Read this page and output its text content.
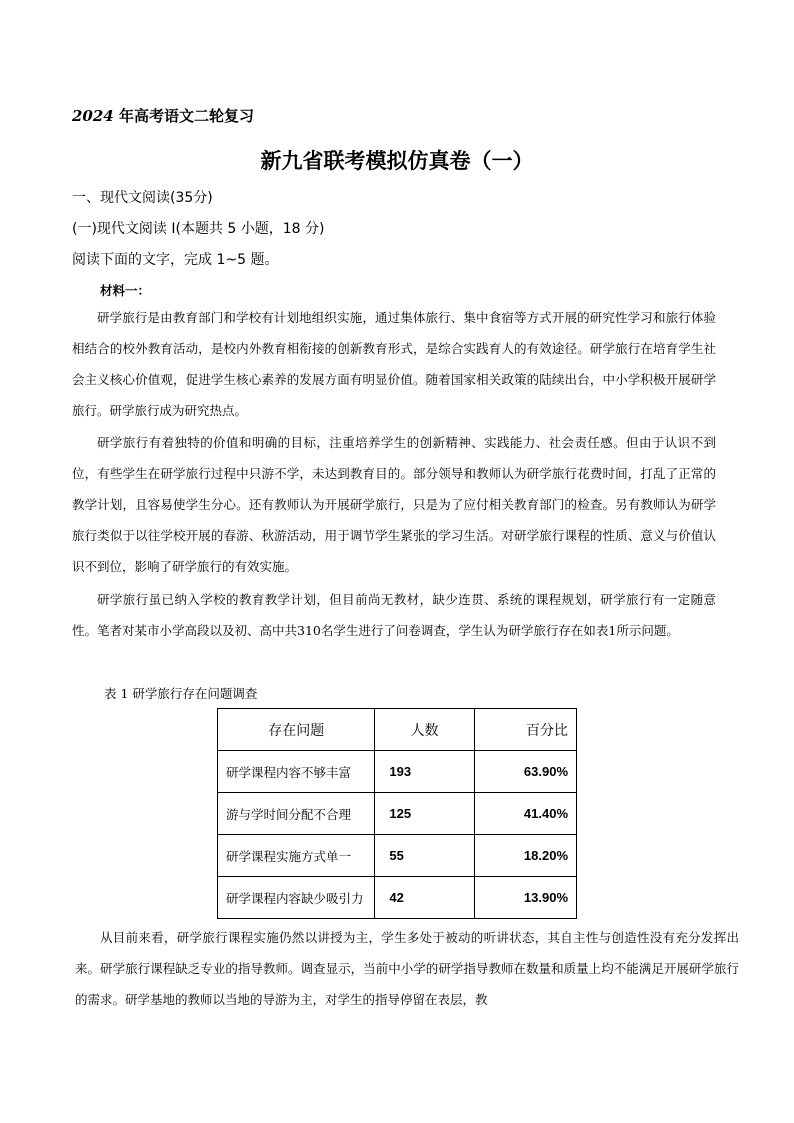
2024 年高考语文二轮复习
新九省联考模拟仿真卷（一）
一、现代文阅读(35分)
(一)现代文阅读 I(本题共 5 小题，18 分)
阅读下面的文字，完成 1~5 题。
材料一：
研学旅行是由教育部门和学校有计划地组织实施，通过集体旅行、集中食宿等方式开展的研究性学习和旅行体验相结合的校外教育活动，是校内外教育相衔接的创新教育形式，是综合实践育人的有效途径。研学旅行在培育学生社会主义核心价值观，促进学生核心素养的发展方面有明显价值。随着国家相关政策的陆续出台，中小学积极开展研学旅行。研学旅行成为研究热点。
研学旅行有着独特的价值和明确的目标，注重培养学生的创新精神、实践能力、社会责任感。但由于认识不到位，有些学生在研学旅行过程中只游不学，未达到教育目的。部分领导和教师认为研学旅行花费时间，打乱了正常的教学计划，且容易使学生分心。还有教师认为开展研学旅行，只是为了应付相关教育部门的检查。另有教师认为研学旅行类似于以往学校开展的春游、秋游活动，用于调节学生紧张的学习生活。对研学旅行课程的性质、意义与价值认识不到位，影响了研学旅行的有效实施。
研学旅行虽已纳入学校的教育教学计划，但目前尚无教材，缺少连贯、系统的课程规划，研学旅行有一定随意性。笔者对某市小学高段以及初、高中共310名学生进行了问卷调查，学生认为研学旅行存在如表1所示问题。
表 1 研学旅行存在问题调查
存在问题	人数	百分比
研学课程内容不够丰富	193	63.90%
游与学时间分配不合理	125	41.40%
研学课程实施方式单一	55	18.20%
研学课程内容缺少吸引力	42	13.90%
从目前来看，研学旅行课程实施仍然以讲授为主，学生多处于被动的听讲状态，其自主性与创造性没有充分发挥出来。研学旅行课程缺乏专业的指导教师。调查显示，当前中小学的研学指导教师在数量和质量上均不能满足开展研学旅行的需求。研学基地的教师以当地的导游为主，对学生的指导停留在表层，教
